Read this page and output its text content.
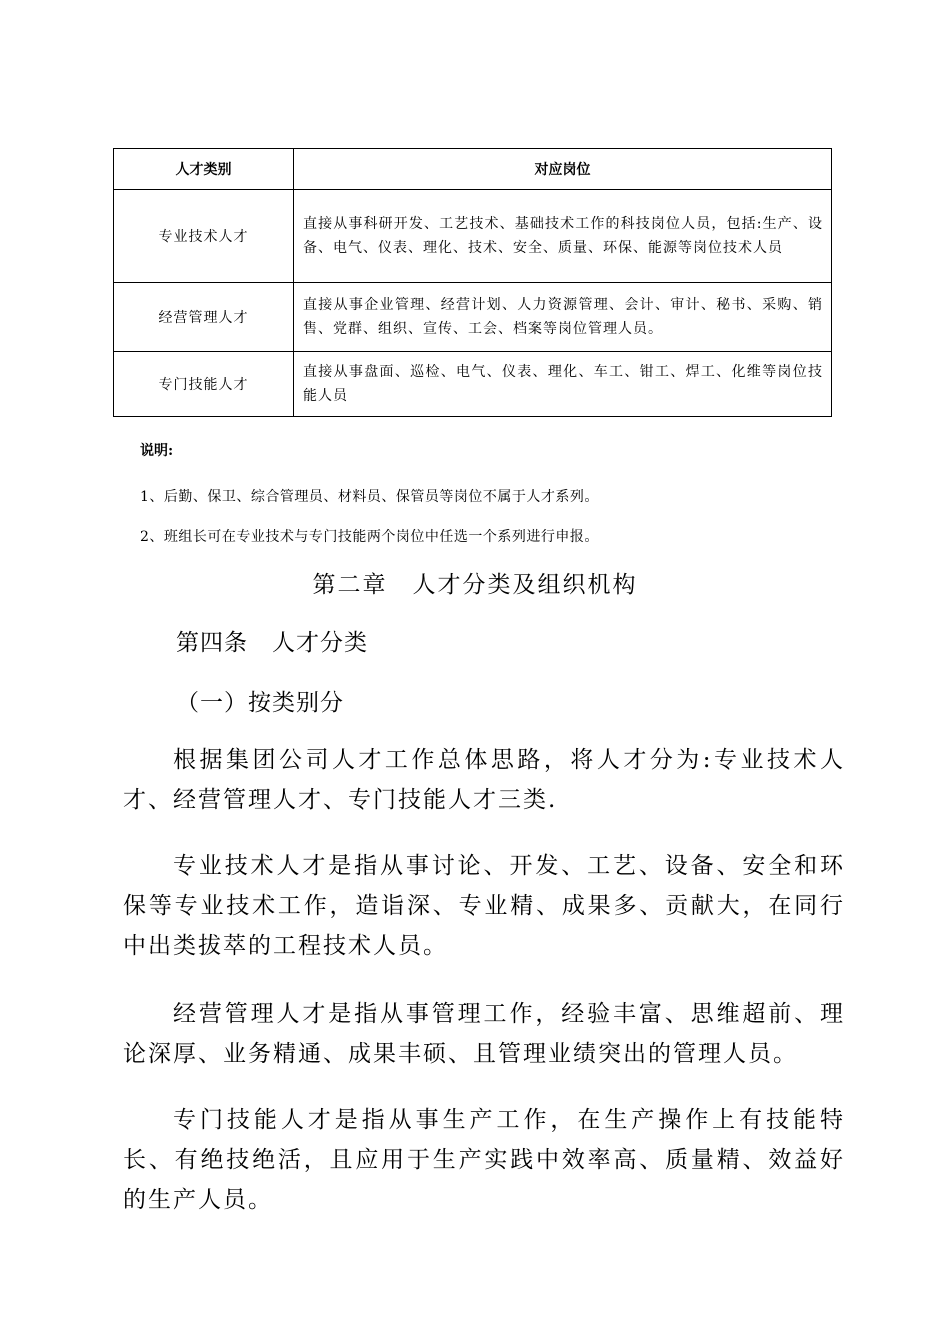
人才类别	对应岗位
专业技术人才	直接从事科研开发、工艺技术、基础技术工作的科技岗位人员，包括:生产、设备、电气、仪表、理化、技术、安全、质量、环保、能源等岗位技术人员
经营管理人才	直接从事企业管理、经营计划、人力资源管理、会计、审计、秘书、采购、销售、党群、组织、宣传、工会、档案等岗位管理人员。
专门技能人才	直接从事盘面、巡检、电气、仪表、理化、车工、钳工、焊工、化维等岗位技能人员
说明:
1、后勤、保卫、综合管理员、材料员、保管员等岗位不属于人才系列。
2、班组长可在专业技术与专门技能两个岗位中任选一个系列进行申报。
第二章　人才分类及组织机构
第四条　人才分类
（一）按类别分

根据集团公司人才工作总体思路，将人才分为:专业技术人才、经营管理人才、专门技能人才三类.

专业技术人才是指从事讨论、开发、工艺、设备、安全和环保等专业技术工作，造诣深、专业精、成果多、贡献大，在同行中出类拔萃的工程技术人员。

经营管理人才是指从事管理工作，经验丰富、思维超前、理论深厚、业务精通、成果丰硕、且管理业绩突出的管理人员。

专门技能人才是指从事生产工作，在生产操作上有技能特长、有绝技绝活，且应用于生产实践中效率高、质量精、效益好的生产人员。
